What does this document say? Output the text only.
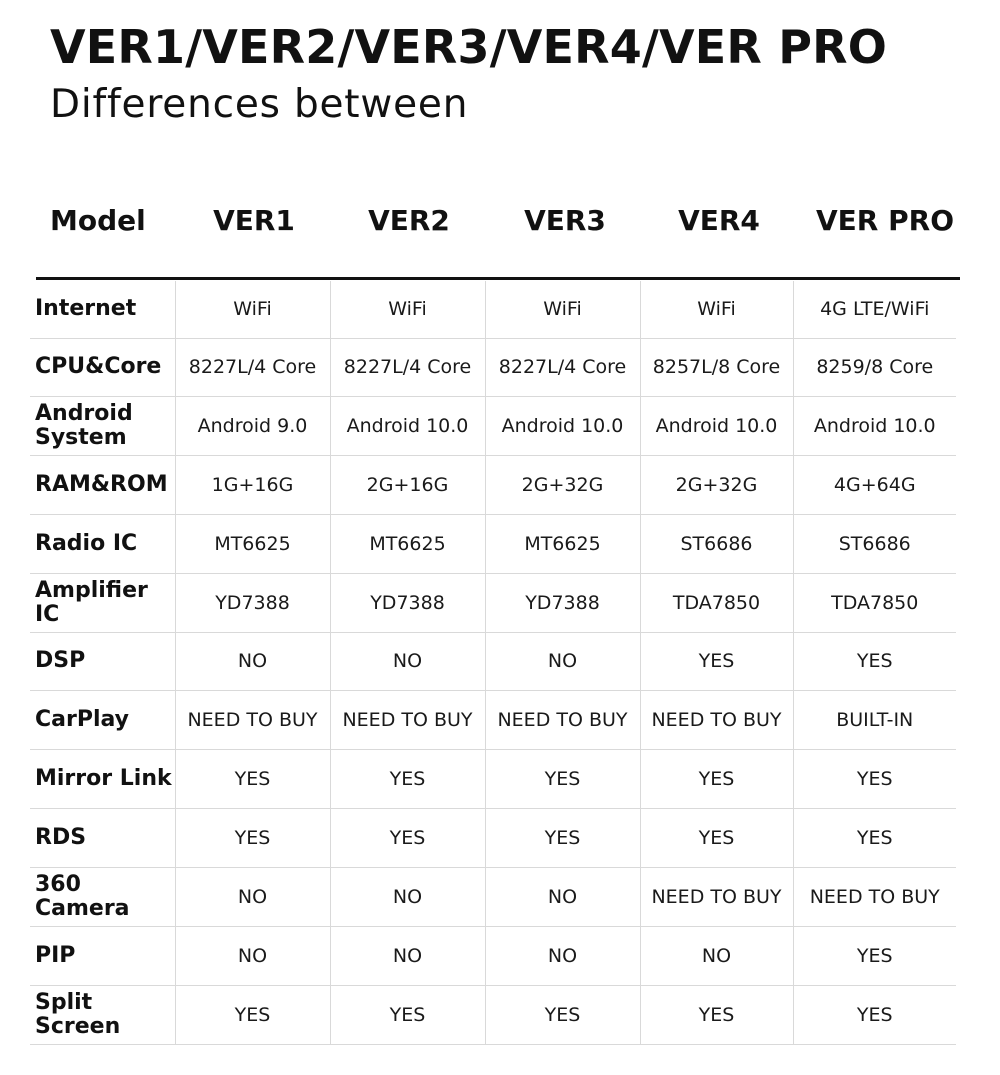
VER1/VER2/VER3/VER4/VER PRO
Differences between
Model	VER1	VER2	VER3	VER4	VER PRO
Internet	WiFi	WiFi	WiFi	WiFi	4G LTE/WiFi
CPU&Core	8227L/4 Core	8227L/4 Core	8227L/4 Core	8257L/8 Core	8259/8 Core
Android System	Android 9.0	Android 10.0	Android 10.0	Android 10.0	Android 10.0
RAM&ROM	1G+16G	2G+16G	2G+32G	2G+32G	4G+64G
Radio IC	MT6625	MT6625	MT6625	ST6686	ST6686
Amplifier IC	YD7388	YD7388	YD7388	TDA7850	TDA7850
DSP	NO	NO	NO	YES	YES
CarPlay	NEED TO BUY	NEED TO BUY	NEED TO BUY	NEED TO BUY	BUILT-IN
Mirror Link	YES	YES	YES	YES	YES
RDS	YES	YES	YES	YES	YES
360 Camera	NO	NO	NO	NEED TO BUY	NEED TO BUY
PIP	NO	NO	NO	NO	YES
Split Screen	YES	YES	YES	YES	YES
